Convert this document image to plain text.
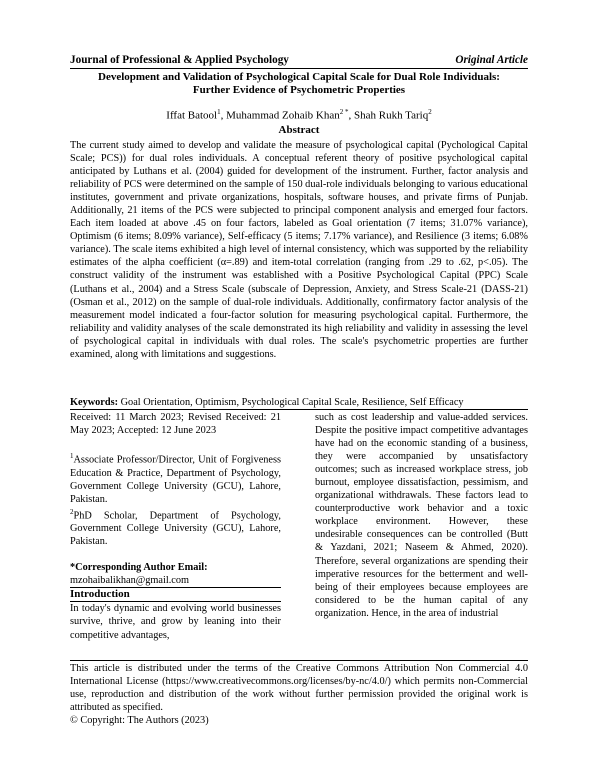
Journal of Professional & Applied Psychology	Original Article
Development and Validation of Psychological Capital Scale for Dual Role Individuals:
Further Evidence of Psychometric Properties
Iffat Batool$^1$, Muhammad Zohaib Khan$^{2 *}$, Shah Rukh Tariq$^2$
Abstract
The current study aimed to develop and validate the measure of psychological capital (Pychological Capital Scale; PCS)) for dual roles individuals. A conceptual referent theory of positive psychological capital anticipated by Luthans et al. (2004) guided for development of the instrument. Further, factor analysis and reliability of PCS were determined on the sample of 150 dual-role individuals belonging to various educational institutes, government and private organizations, hospitals, software houses, and private firms of Punjab. Additionally, 21 items of the PCS were subjected to principal component analysis and emerged four factors. Each item loaded at above .45 on four factors, labeled as Goal orientation (7 items; 31.07% variance), Optimism (6 items; 8.09% variance), Self-efficacy (5 items; 7.17% variance), and Resilience (3 items; 6.08% variance). The scale items exhibited a high level of internal consistency, which was supported by the reliability estimates of the alpha coefficient (α=.89) and item-total correlation (ranging from .29 to .62, p<.05). The construct validity of the instrument was established with a Positive Psychological Capital (PPC) Scale (Luthans et al., 2004) and a Stress Scale (subscale of Depression, Anxiety, and Stress Scale-21 (DASS-21) (Osman et al., 2012) on the sample of dual-role individuals. Additionally, confirmatory factor analysis of the measurement model indicated a four-factor solution for measuring psychological capital. Furthermore, the reliability and validity analyses of the scale demonstrated its high reliability and validity in assessing the level of psychological capital in individuals with dual roles. The scale's psychometric properties are further examined, along with limitations and suggestions.
Keywords: Goal Orientation, Optimism, Psychological Capital Scale, Resilience, Self Efficacy

Received: 11 March 2023; Revised Received: 21 May 2023; Accepted: 12 June 2023

$^1$Associate Professor/Director, Unit of Forgiveness Education & Practice, Department of Psychology, Government College University (GCU), Lahore, Pakistan.

$^2$PhD Scholar, Department of Psychology, Government College University (GCU), Lahore, Pakistan.

*Corresponding Author Email:

mzohaibalikhan@gmail.com

Introduction

In today's dynamic and evolving world businesses survive, thrive, and grow by leaning into their competitive advantages,

such as cost leadership and value-added services. Despite the positive impact competitive advantages have had on the economic standing of a business, they were accompanied by unsatisfactory outcomes; such as increased workplace stress, job burnout, employee dissatisfaction, pessimism, and organizational withdrawals. These factors lead to counterproductive work behavior and a toxic workplace environment. However, these undesirable consequences can be controlled (Butt & Yazdani, 2021; Naseem & Ahmed, 2020). Therefore, several organizations are spending their imperative resources for the betterment and well-being of their employees because employees are considered to be the human capital of any organization. Hence, in the area of industrial

This article is distributed under the terms of the Creative Commons Attribution Non Commercial 4.0 International License (https://www.creativecommons.org/licenses/by-nc/4.0/) which permits non-Commercial use, reproduction and distribution of the work without further permission provided the original work is attributed as specified.
© Copyright: The Authors (2023)
